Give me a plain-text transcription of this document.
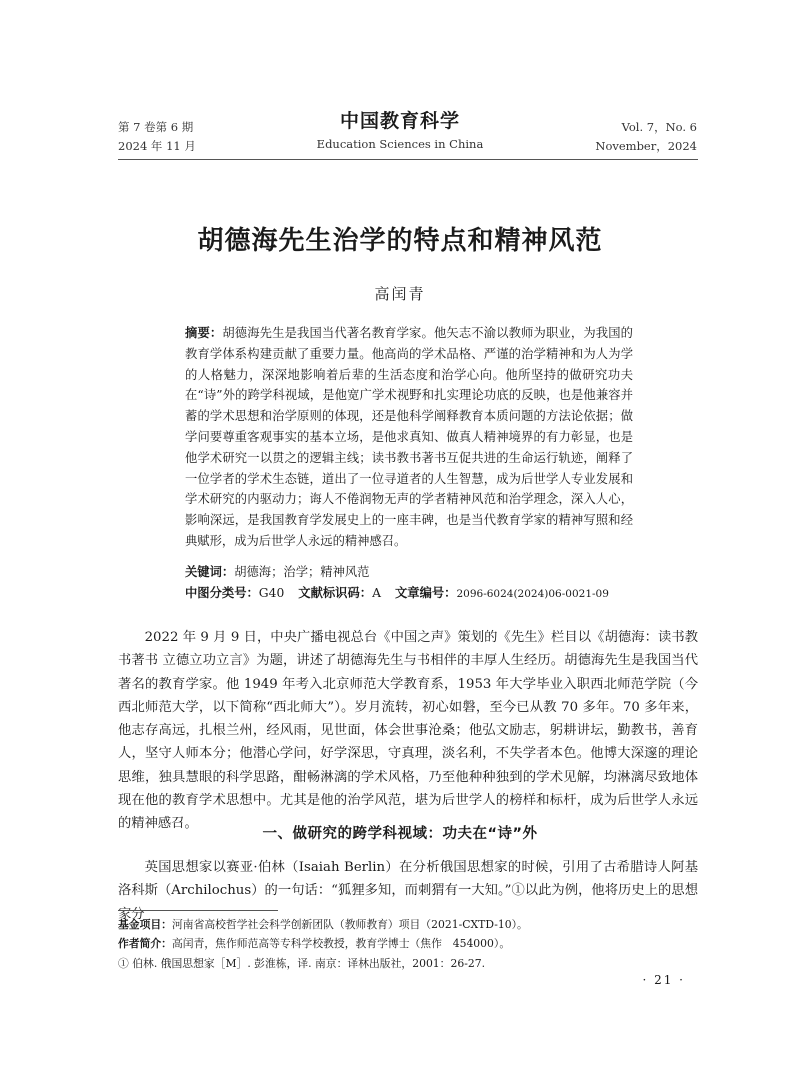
第 7 卷第 6 期
2024 年 11 月
中国教育科学
Education Sciences in China
Vol. 7，No. 6
November，2024
胡德海先生治学的特点和精神风范
高闰青
摘要：胡德海先生是我国当代著名教育学家。他矢志不渝以教师为职业，为我国的教育学体系构建贡献了重要力量。他高尚的学术品格、严谨的治学精神和为人为学的人格魅力，深深地影响着后辈的生活态度和治学心向。他所坚持的做研究功夫在“诗”外的跨学科视域，是他宽广学术视野和扎实理论功底的反映，也是他兼容并蓄的学术思想和治学原则的体现，还是他科学阐释教育本质问题的方法论依据；做学问要尊重客观事实的基本立场，是他求真知、做真人精神境界的有力彰显，也是他学术研究一以贯之的逻辑主线；读书教书著书互促共进的生命运行轨迹，阐释了一位学者的学术生态链，道出了一位寻道者的人生智慧，成为后世学人专业发展和学术研究的内驱动力；诲人不倦润物无声的学者精神风范和治学理念，深入人心，影响深远，是我国教育学发展史上的一座丰碑，也是当代教育学家的精神写照和经典赋形，成为后世学人永远的精神感召。
关键词：胡德海；治学；精神风范
中图分类号：G40 文献标识码：A 文章编号：2096-6024(2024)06-0021-09
2022 年 9 月 9 日，中央广播电视总台《中国之声》策划的《先生》栏目以《胡德海：读书教书著书 立德立功立言》为题，讲述了胡德海先生与书相伴的丰厚人生经历。胡德海先生是我国当代著名的教育学家。他 1949 年考入北京师范大学教育系，1953 年大学毕业入职西北师范学院（今西北师范大学，以下简称“西北师大”）。岁月流转，初心如磐，至今已从教 70 多年。70 多年来，他志存高远，扎根兰州，经风雨，见世面，体会世事沧桑；他弘文励志，躬耕讲坛，勤教书，善育人，坚守人师本分；他潜心学问，好学深思，守真理，淡名利，不失学者本色。他博大深邃的理论思维，独具慧眼的科学思路，酣畅淋漓的学术风格，乃至他种种独到的学术见解，均淋漓尽致地体现在他的教育学术思想中。尤其是他的治学风范，堪为后世学人的榜样和标杆，成为后世学人永远的精神感召。
一、做研究的跨学科视域：功夫在“诗”外
英国思想家以赛亚·伯林（Isaiah Berlin）在分析俄国思想家的时候，引用了古希腊诗人阿基洛科斯（Archilochus）的一句话：“狐狸多知，而刺猬有一大知。”①以此为例，他将历史上的思想家分
基金项目：河南省高校哲学社会科学创新团队（教师教育）项目（2021-CXTD-10）。
作者简介：高闰青，焦作师范高等专科学校教授，教育学博士（焦作　454000）。
① 伯林. 俄国思想家［M］. 彭淮栋，译. 南京：译林出版社，2001：26-27.
· 21 ·
